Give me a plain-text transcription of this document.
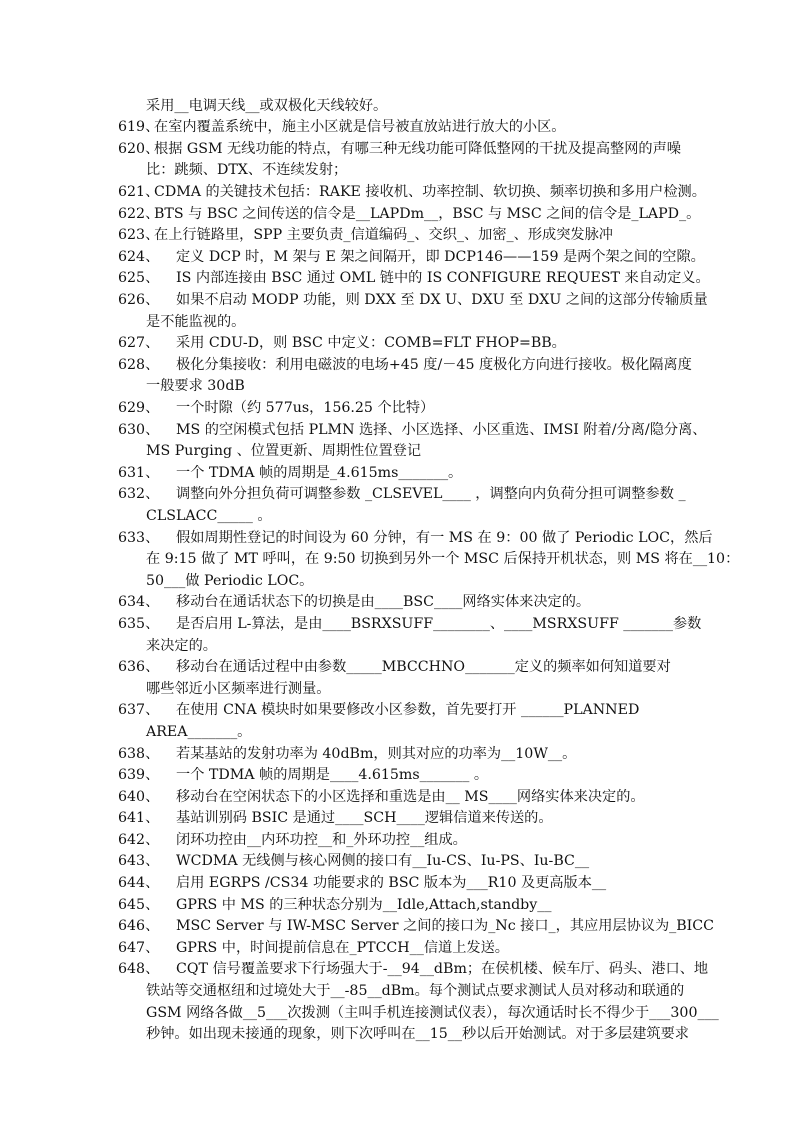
采用__电调天线__或双极化天线较好。
619、
在室内覆盖系统中，施主小区就是信号被直放站进行放大的小区。
620、
根据 GSM 无线功能的特点，有哪三种无线功能可降低整网的干扰及提高整网的声噪
比：跳频、DTX、不连续发射；
621、
CDMA 的关键技术包括：RAKE 接收机、功率控制、软切换、频率切换和多用户检测。
622、
BTS 与 BSC 之间传送的信令是__LAPDm__，BSC 与 MSC 之间的信令是_LAPD_。
623、
在上行链路里，SPP 主要负责_信道编码_、交织_、加密_、形成突发脉冲
624、 定义 DCP 时，M 架与 E 架之间隔开，即 DCP146——159 是两个架之间的空隙。
625、 IS 内部连接由 BSC 通过 OML 链中的 IS CONFIGURE REQUEST 来自动定义。
626、 如果不启动 MODP 功能，则 DXX 至 DX U、DXU 至 DXU 之间的这部分传输质量
是不能监视的。
627、 采用 CDU-D，则 BSC 中定义：COMB=FLT FHOP=BB。
628、 极化分集接收：利用电磁波的电场+45 度/－45 度极化方向进行接收。极化隔离度
一般要求 30dB
629、 一个时隙（约 577us，156.25 个比特）
630、 MS 的空闲模式包括 PLMN 选择、小区选择、小区重选、IMSI 附着/分离/隐分离、
MS Purging 、位置更新、周期性位置登记
631、 一个 TDMA 帧的周期是_4.615ms_______。
632、 调整向外分担负荷可调整参数 _CLSEVEL____ ，调整向内负荷分担可调整参数 _
CLSLACC_____ 。
633、 假如周期性登记的时间设为 60 分钟，有一 MS 在 9：00 做了 Periodic LOC，然后
在 9:15 做了 MT 呼叫，在 9:50 切换到另外一个 MSC 后保持开机状态，则 MS 将在__10：
50___做 Periodic LOC。
634、 移动台在通话状态下的切换是由____BSC____网络实体来决定的。
635、 是否启用 L-算法，是由____BSRXSUFF________、____MSRXSUFF _______参数
来决定的。
636、 移动台在通话过程中由参数_____MBCCHNO_______定义的频率如何知道要对
哪些邻近小区频率进行测量。
637、 在使用 CNA 模块时如果要修改小区参数，首先要打开 ______PLANNED
AREA_______。
638、 若某基站的发射功率为 40dBm，则其对应的功率为__10W__。
639、 一个 TDMA 帧的周期是____4.615ms_______ 。
640、 移动台在空闲状态下的小区选择和重选是由__ MS____网络实体来决定的。
641、 基站训别码 BSIC 是通过____SCH____逻辑信道来传送的。
642、 闭环功控由__内环功控__和_外环功控__组成。
643、 WCDMA 无线侧与核心网侧的接口有__Iu-CS、Iu-PS、Iu-BC__
644、 启用 EGRPS /CS34 功能要求的 BSC 版本为___R10 及更高版本__
645、 GPRS 中 MS 的三种状态分别为__Idle,Attach,standby__
646、 MSC Server 与 IW-MSC Server 之间的接口为_Nc 接口_，其应用层协议为_BICC
647、 GPRS 中，时间提前信息在_PTCCH__信道上发送。
648、 CQT 信号覆盖要求下行场强大于-__94__dBm；在侯机楼、候车厅、码头、港口、地
铁站等交通枢纽和过境处大于__-85__dBm。每个测试点要求测试人员对移动和联通的
GSM 网络各做__5___次拨测（主叫手机连接测试仪表），每次通话时长不得少于___300___
秒钟。如出现未接通的现象，则下次呼叫在__15__秒以后开始测试。对于多层建筑要求
